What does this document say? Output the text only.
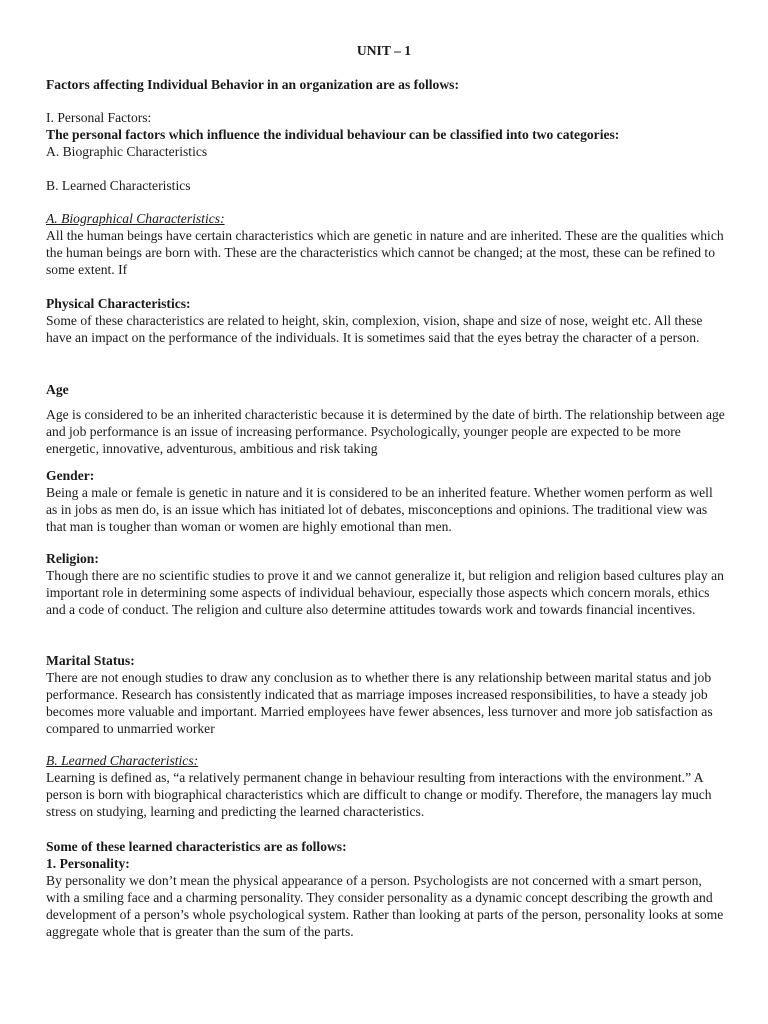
UNIT – 1

Factors affecting Individual Behavior in an organization are as follows:

I. Personal Factors:

The personal factors which influence the individual behaviour can be classified into two categories:

A. Biographic Characteristics

B. Learned Characteristics

A. Biographical Characteristics:

All the human beings have certain characteristics which are genetic in nature and are inherited. These are the qualities which the human beings are born with. These are the characteristics which cannot be changed; at the most, these can be refined to some extent. If

Physical Characteristics:

Some of these characteristics are related to height, skin, complexion, vision, shape and size of nose, weight etc. All these have an impact on the performance of the individuals. It is sometimes said that the eyes betray the character of a person.

Age

Age is considered to be an inherited characteristic because it is determined by the date of birth. The relationship between age and job performance is an issue of increasing performance. Psychologically, younger people are expected to be more energetic, innovative, adventurous, ambitious and risk taking

Gender:

Being a male or female is genetic in nature and it is considered to be an inherited feature. Whether women perform as well as in jobs as men do, is an issue which has initiated lot of debates, misconceptions and opinions. The traditional view was that man is tougher than woman or women are highly emotional than men.

Religion:

Though there are no scientific studies to prove it and we cannot generalize it, but religion and religion based cultures play an important role in determining some aspects of individual behaviour, especially those aspects which concern morals, ethics and a code of conduct. The religion and culture also determine attitudes towards work and towards financial incentives.

Marital Status:

There are not enough studies to draw any conclusion as to whether there is any relationship between marital status and job performance. Research has consistently indicated that as marriage imposes increased responsibilities, to have a steady job becomes more valuable and important. Married employees have fewer absences, less turnover and more job satisfaction as compared to unmarried worker

B. Learned Characteristics:

Learning is defined as, “a relatively permanent change in behaviour resulting from interactions with the environment.” A person is born with biographical characteristics which are difficult to change or modify. Therefore, the managers lay much stress on studying, learning and predicting the learned characteristics.

Some of these learned characteristics are as follows:

1. Personality:

By personality we don’t mean the physical appearance of a person. Psychologists are not concerned with a smart person, with a smiling face and a charming personality. They consider personality as a dynamic concept describing the growth and development of a person’s whole psychological system. Rather than looking at parts of the person, personality looks at some aggregate whole that is greater than the sum of the parts.
